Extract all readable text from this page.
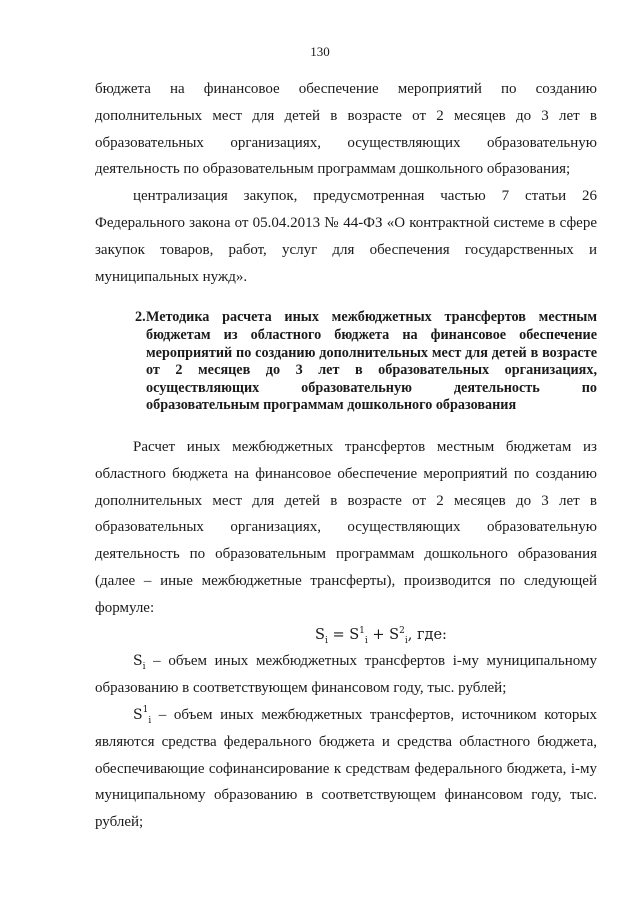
130

бюджета на финансовое обеспечение мероприятий по созданию дополнительных мест для детей в возрасте от 2 месяцев до 3 лет в образовательных организациях, осуществляющих образовательную деятельность по образовательным программам дошкольного образования;

централизация закупок, предусмотренная частью 7 статьи 26 Федерального закона от 05.04.2013 № 44-ФЗ «О контрактной системе в сфере закупок товаров, работ, услуг для обеспечения государственных и муниципальных нужд».

2. Методика расчета иных межбюджетных трансфертов местным бюджетам из областного бюджета на финансовое обеспечение мероприятий по созданию дополнительных мест для детей в возрасте от 2 месяцев до 3 лет в образовательных организациях, осуществляющих образовательную деятельность по образовательным программам дошкольного образования

Расчет иных межбюджетных трансфертов местным бюджетам из областного бюджета на финансовое обеспечение мероприятий по созданию дополнительных мест для детей в возрасте от 2 месяцев до 3 лет в образовательных организациях, осуществляющих образовательную деятельность по образовательным программам дошкольного образования (далее – иные межбюджетные трансферты), производится по следующей формуле:

$S_i = S^1_i + S^2_i$, где:

$S_i$ – объем иных межбюджетных трансфертов i-му муниципальному образованию в соответствующем финансовом году, тыс. рублей;

$S^1_i$ – объем иных межбюджетных трансфертов, источником которых являются средства федерального бюджета и средства областного бюджета, обеспечивающие софинансирование к средствам федерального бюджета, i-му муниципальному образованию в соответствующем финансовом году, тыс. рублей;
